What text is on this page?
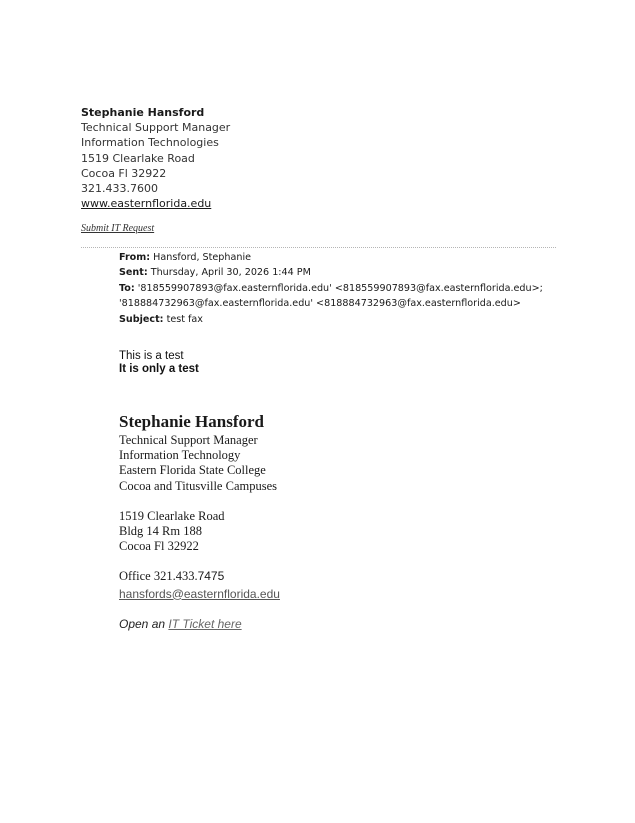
Stephanie Hansford
Technical Support Manager
Information Technologies
1519 Clearlake Road
Cocoa Fl 32922
321.433.7600
www.easternflorida.edu
Submit IT Request
From: Hansford, Stephanie
Sent: Thursday, April 30, 2026 1:44 PM
To: '818559907893@fax.easternflorida.edu' <818559907893@fax.easternflorida.edu>;
'818884732963@fax.easternflorida.edu' <818884732963@fax.easternflorida.edu>
Subject: test fax
This is a test
It is only a test
Stephanie Hansford
Technical Support Manager
Information Technology
Eastern Florida State College
Cocoa and Titusville Campuses
1519 Clearlake Road
Bldg 14 Rm 188
Cocoa Fl 32922
Office 321.433.7475
hansfords@easternflorida.edu
Open an IT Ticket here
